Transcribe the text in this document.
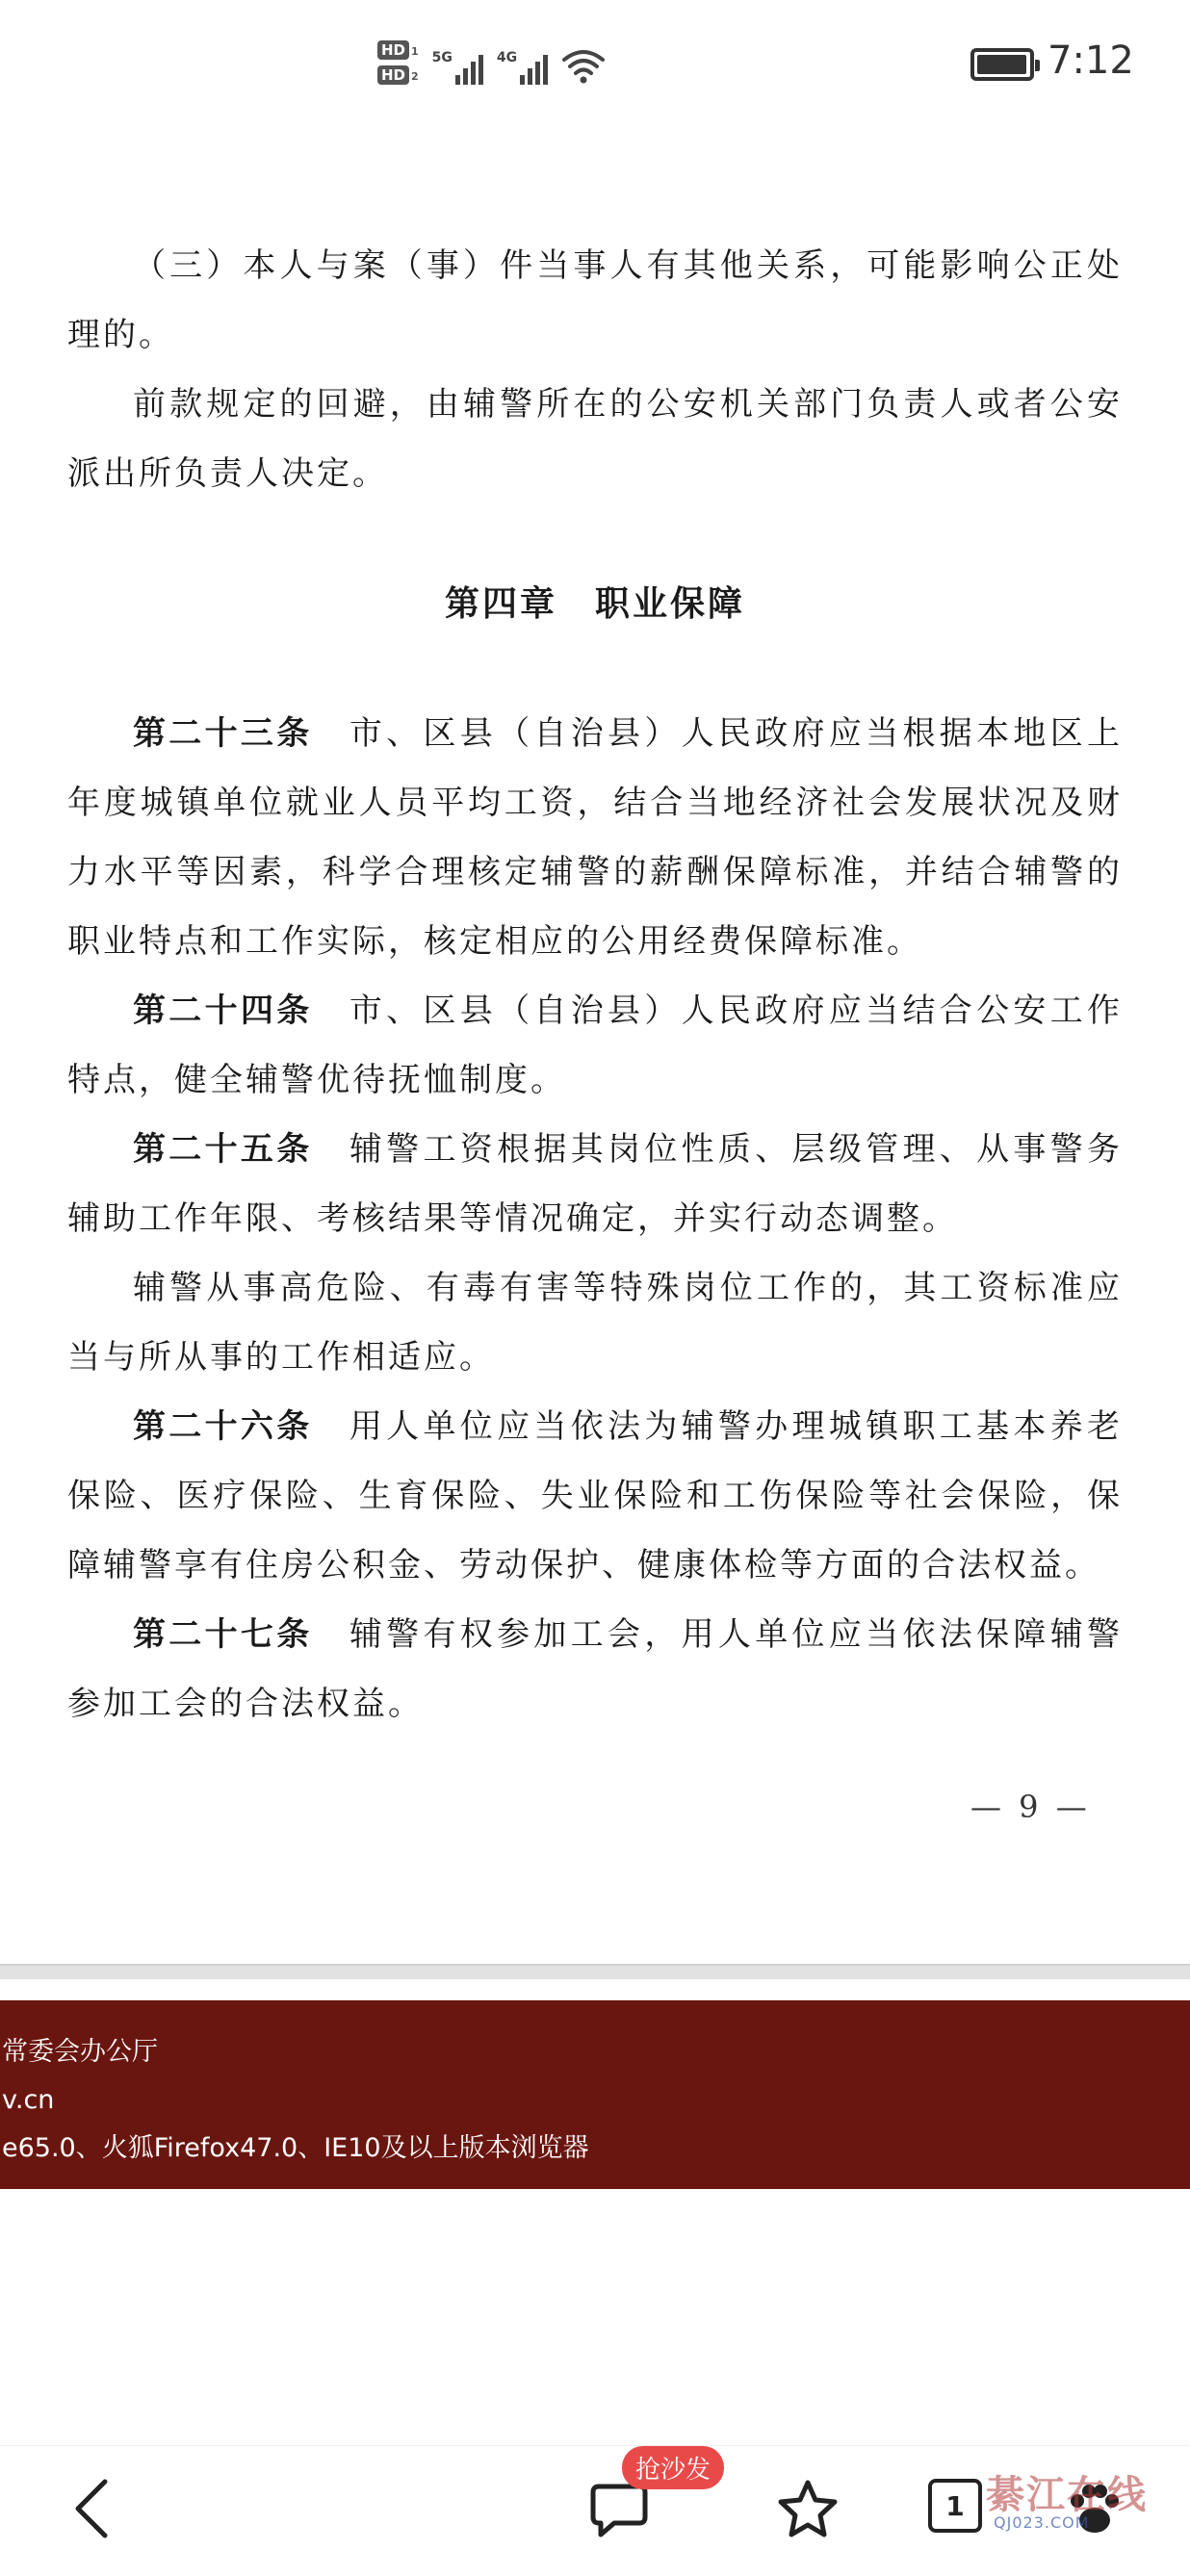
HD 1
HD 2
5G	4G	7:12

（三）本人与案（事）件当事人有其他关系，可能影响公正处理的。

前款规定的回避，由辅警所在的公安机关部门负责人或者公安派出所负责人决定。

第四章　职业保障

第二十三条　 市、区县（自治县）人民政府应当根据本地区上年度城镇单位就业人员平均工资，结合当地经济社会发展状况及财力水平等因素，科学合理核定辅警的薪酬保障标准，并结合辅警的职业特点和工作实际，核定相应的公用经费保障标准。

第二十四条　 市、区县（自治县）人民政府应当结合公安工作特点，健全辅警优待抚恤制度。

第二十五条　 辅警工资根据其岗位性质、层级管理、从事警务辅助工作年限、考核结果等情况确定，并实行动态调整。

辅警从事高危险、有毒有害等特殊岗位工作的，其工资标准应当与所从事的工作相适应。

第二十六条　 用人单位应当依法为辅警办理城镇职工基本养老保险、医疗保险、生育保险、失业保险和工伤保险等社会保险，保障辅警享有住房公积金、劳动保护、健康体检等方面的合法权益。

第二十七条　 辅警有权参加工会，用人单位应当依法保障辅警参加工会的合法权益。

— 9 —
常委会办公厅
v.cn
e65.0、火狐Firefox47.0、IE10及以上版本浏览器
抢沙发
1 綦江在线
QJ023.COM
